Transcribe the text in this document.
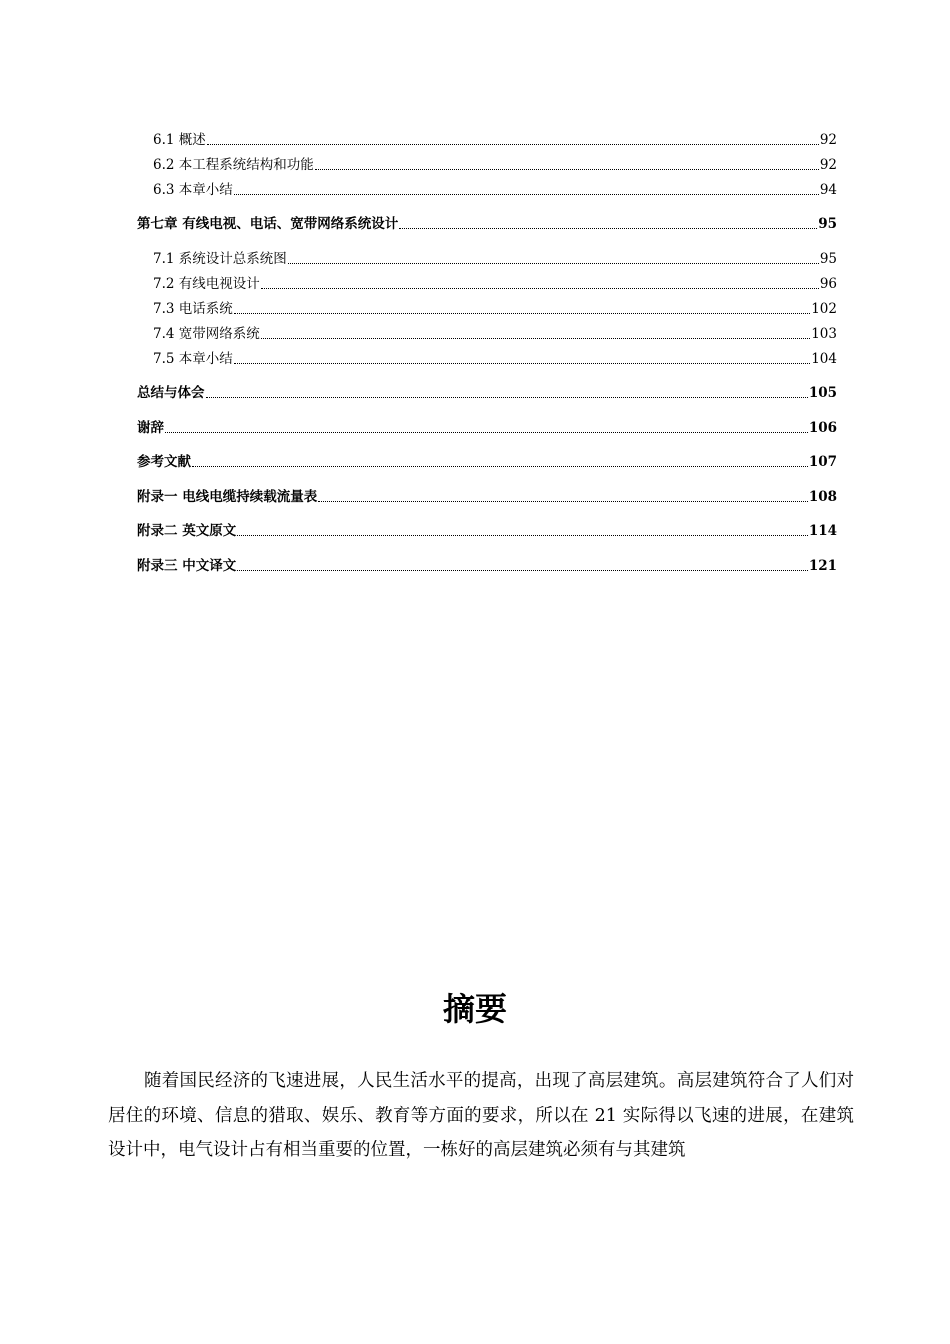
6.1 概述	92
6.2 本工程系统结构和功能	92
6.3 本章小结	94
第七章 有线电视、电话、宽带网络系统设计	95
7.1 系统设计总系统图	95
7.2 有线电视设计	96
7.3 电话系统	102
7.4 宽带网络系统	103
7.5 本章小结	104
总结与体会	105
谢辞	106
参考文献	107
附录一 电线电缆持续载流量表	108
附录二 英文原文	114
附录三 中文译文	121
摘要

随着国民经济的飞速进展，人民生活水平的提高，出现了高层建筑。高层建筑符合了人们对居住的环境、信息的猎取、娱乐、教育等方面的要求，所以在 21 实际得以飞速的进展，在建筑设计中，电气设计占有相当重要的位置，一栋好的高层建筑必须有与其建筑
